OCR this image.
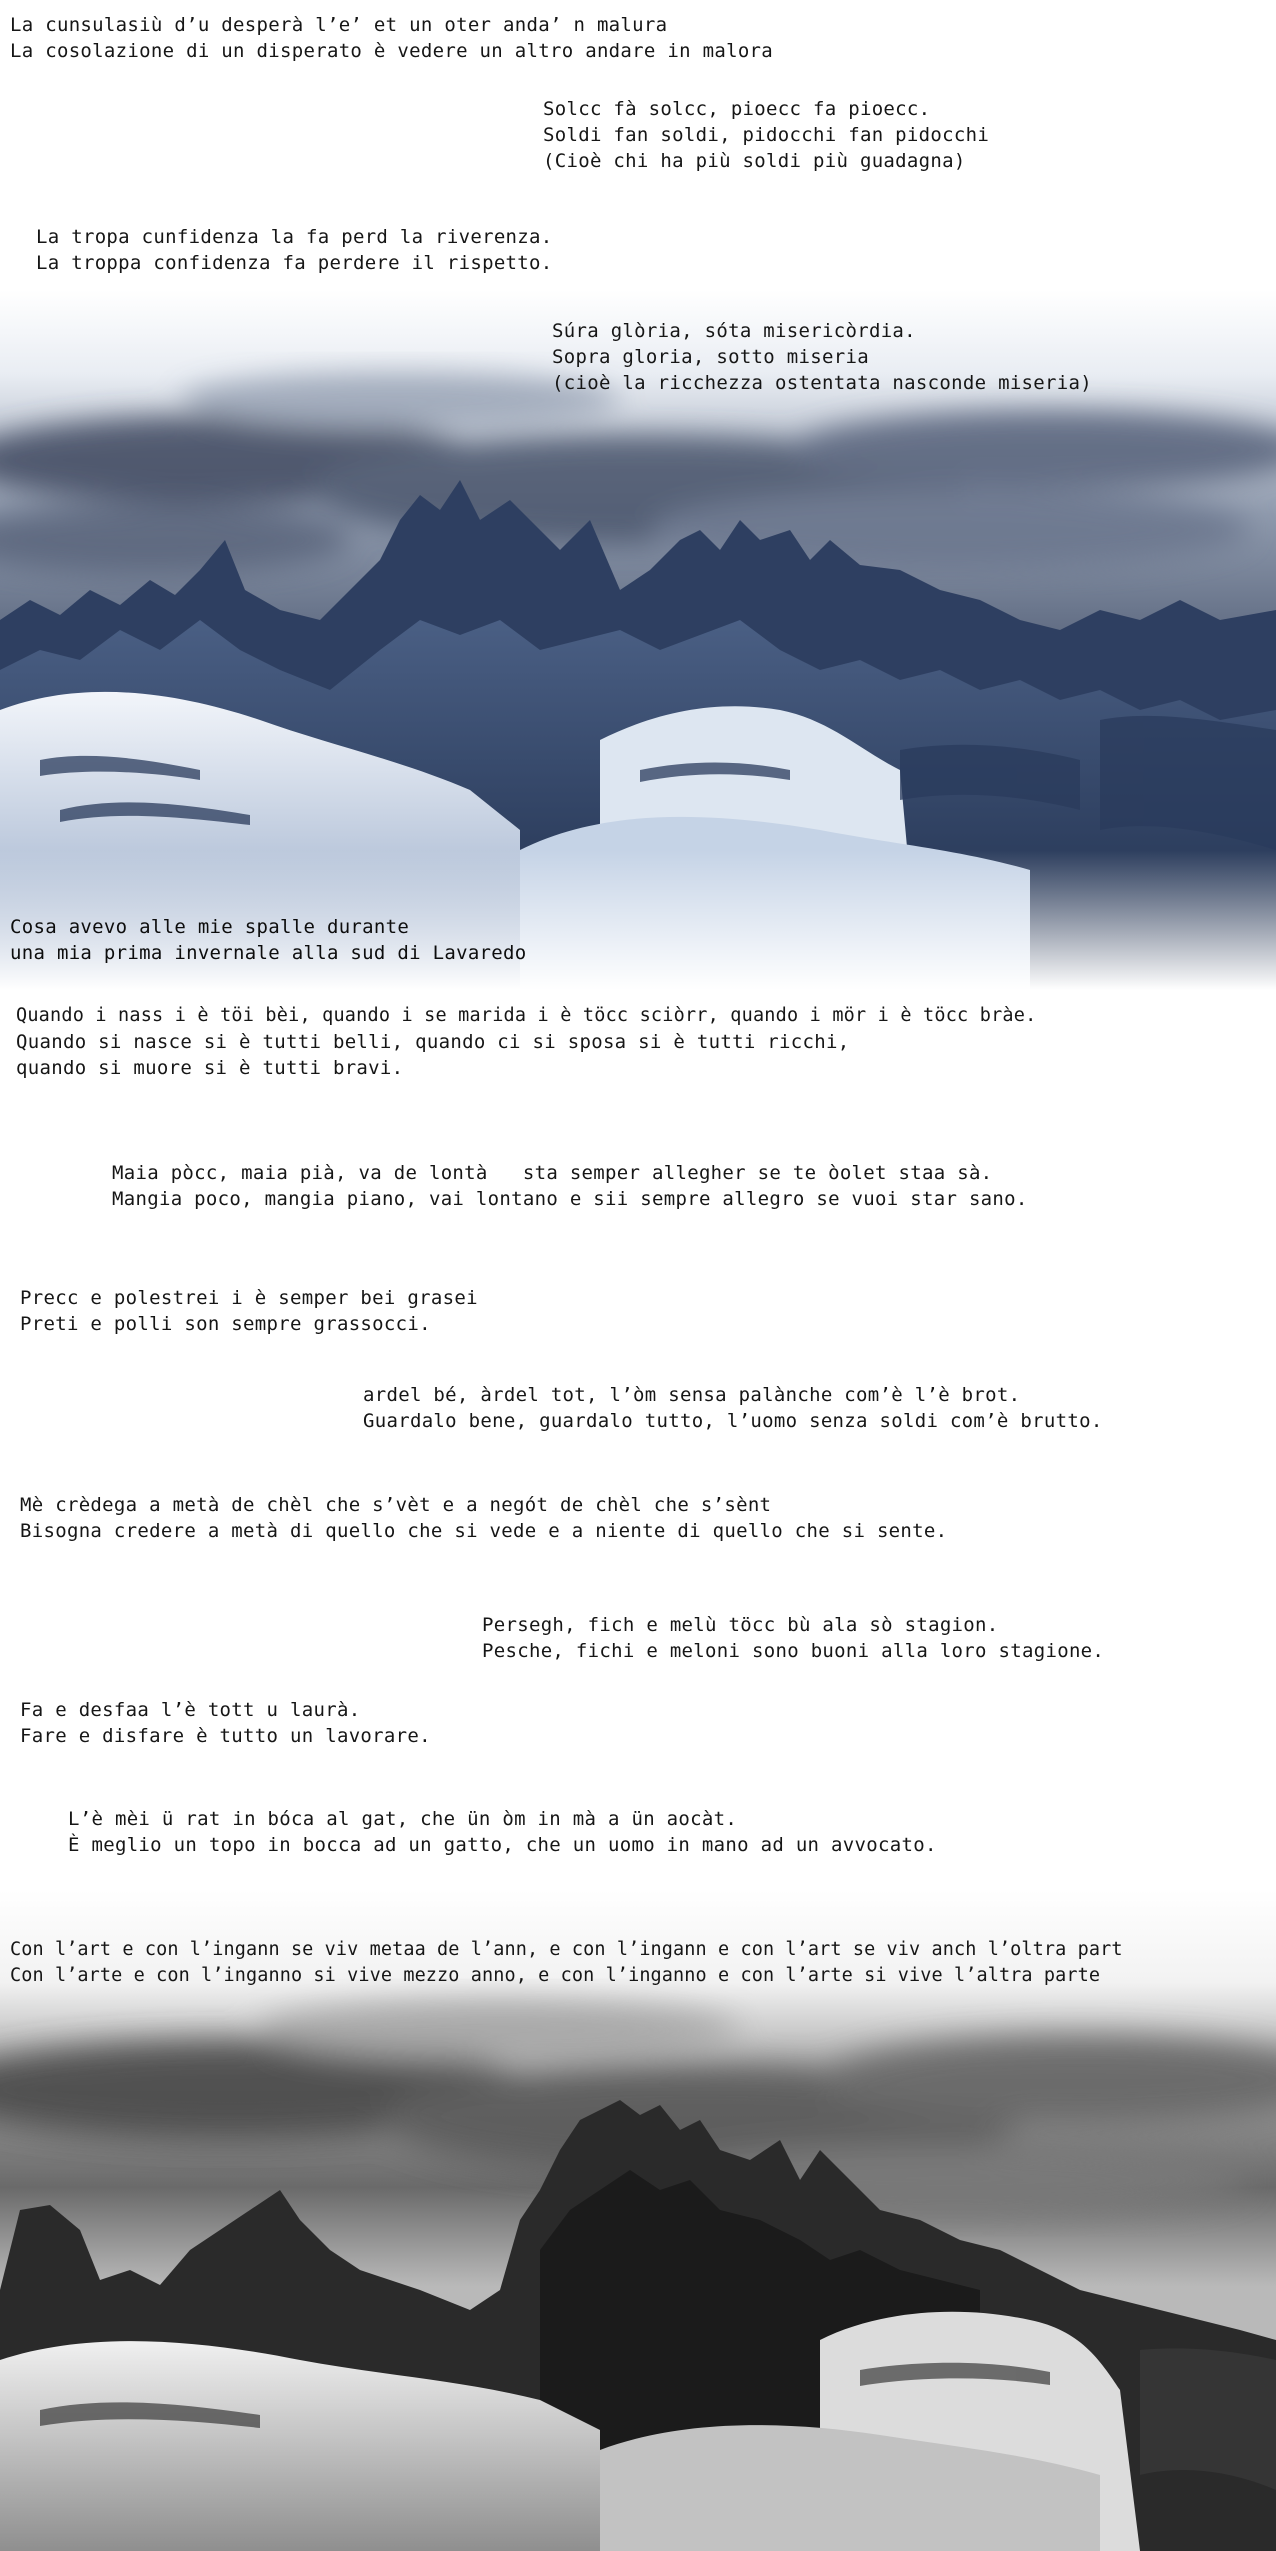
La cunsulasiù d’u desperà l’e’ et un oter anda’ n malura
La cosolazione di un disperato è vedere un altro andare in malora
Solcc fà solcc, pioecc fa pioecc.
Soldi fan soldi, pidocchi fan pidocchi
(Cioè chi ha più soldi più guadagna)
La tropa cunfidenza la fa perd la riverenza.
La troppa confidenza fa perdere il rispetto.
Súra glòria, sóta misericòrdia.
Sopra gloria, sotto miseria
(cioè la ricchezza ostentata nasconde miseria)
Cosa avevo alle mie spalle durante
una mia prima invernale alla sud di Lavaredo
Quando i nass i è töi bèi, quando i se marida i è töcc sciòrr, quando i mör i è töcc bràe.
Quando si nasce si è tutti belli, quando ci si sposa si è tutti ricchi,
quando si muore si è tutti bravi.
Maia pòcc, maia pià, va de lontà   sta semper allegher se te òolet staa sà.
Mangia poco, mangia piano, vai lontano e sii sempre allegro se vuoi star sano.
Precc e polestrei i è semper bei grasei
Preti e polli son sempre grassocci.
ardel bé, àrdel tot, l’òm sensa palànche com’è l’è brot.
Guardalo bene, guardalo tutto, l’uomo senza soldi com’è brutto.
Mè crèdega a metà de chèl che s’vèt e a negót de chèl che s’sènt
Bisogna credere a metà di quello che si vede e a niente di quello che si sente.
Persegh, fich e melù töcc bù ala sò stagion.
Pesche, fichi e meloni sono buoni alla loro stagione.
Fa e desfaa l’è tott u laurà.
Fare e disfare è tutto un lavorare.
L’è mèi ü rat in bóca al gat, che ün òm in mà a ün aocàt.
È meglio un topo in bocca ad un gatto, che un uomo in mano ad un avvocato.
Con l’art e con l’ingann se viv metaa de l’ann, e con l’ingann e con l’art se viv anch l’oltra part
Con l’arte e con l’inganno si vive mezzo anno, e con l’inganno e con l’arte si vive l’altra parte
